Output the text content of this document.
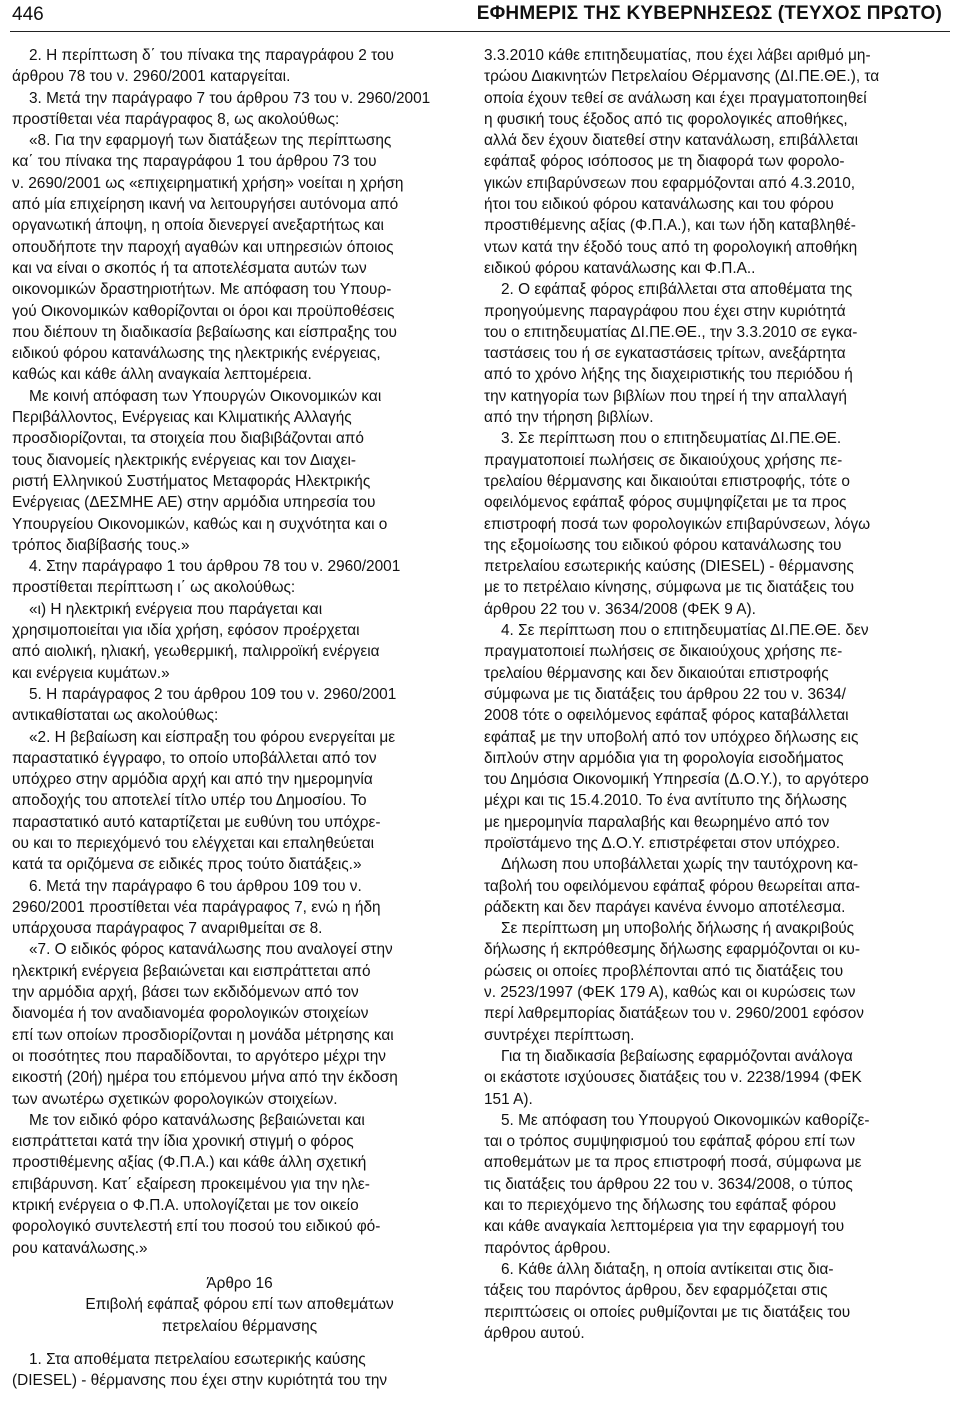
446	ΕΦΗΜΕΡΙΣ ΤΗΣ ΚΥΒΕΡΝΗΣΕΩΣ (ΤΕΥΧΟΣ ΠΡΩΤΟ)

2. Η περίπτωση δ΄ του πίνακα της παραγράφου 2 του
άρθρου 78 του ν. 2960/2001 καταργείται.

3. Μετά την παράγραφο 7 του άρθρου 73 του ν. 2960/2001
προστίθεται νέα παράγραφος 8, ως ακολούθως:

«8. Για την εφαρμογή των διατάξεων της περίπτωσης
κα΄ του πίνακα της παραγράφου 1 του άρθρου 73 του
ν. 2690/2001 ως «επιχειρηματική χρήση» νοείται η χρήση
από μία επιχείρηση ικανή να λειτουργήσει αυτόνομα από
οργανωτική άποψη, η οποία διενεργεί ανεξαρτήτως και
οπουδήποτε την παροχή αγαθών και υπηρεσιών όποιος
και να είναι ο σκοπός ή τα αποτελέσματα αυτών των
οικονομικών δραστηριοτήτων. Με απόφαση του Υπουρ-
γού Οικονομικών καθορίζονται οι όροι και προϋποθέσεις
που διέπουν τη διαδικασία βεβαίωσης και είσπραξης του
ειδικού φόρου κατανάλωσης της ηλεκτρικής ενέργειας,
καθώς και κάθε άλλη αναγκαία λεπτομέρεια.

Με κοινή απόφαση των Υπουργών Οικονομικών και
Περιβάλλοντος, Ενέργειας και Κλιματικής Αλλαγής
προσδιορίζονται, τα στοιχεία που διαβιβάζονται από
τους διανομείς ηλεκτρικής ενέργειας και τον Διαχει-
ριστή Ελληνικού Συστήματος Μεταφοράς Ηλεκτρικής
Ενέργειας (ΔΕΣΜΗΕ ΑΕ) στην αρμόδια υπηρεσία του
Υπουργείου Οικονομικών, καθώς και η συχνότητα και ο
τρόπος διαβίβασής τους.»

4. Στην παράγραφο 1 του άρθρου 78 του ν. 2960/2001
προστίθεται περίπτωση ι΄ ως ακολούθως:

«ι) Η ηλεκτρική ενέργεια που παράγεται και
χρησιμοποιείται για ιδία χρήση, εφόσον προέρχεται
από αιολική, ηλιακή, γεωθερμική, παλιρροϊκή ενέργεια
και ενέργεια κυμάτων.»

5. Η παράγραφος 2 του άρθρου 109 του ν. 2960/2001
αντικαθίσταται ως ακολούθως:

«2. Η βεβαίωση και είσπραξη του φόρου ενεργείται με
παραστατικό έγγραφο, το οποίο υποβάλλεται από τον
υπόχρεο στην αρμόδια αρχή και από την ημερομηνία
αποδοχής του αποτελεί τίτλο υπέρ του Δημοσίου. Το
παραστατικό αυτό καταρτίζεται με ευθύνη του υπόχρε-
ου και το περιεχόμενό του ελέγχεται και επαληθεύεται
κατά τα οριζόμενα σε ειδικές προς τούτο διατάξεις.»

6. Μετά την παράγραφο 6 του άρθρου 109 του ν.
2960/2001 προστίθεται νέα παράγραφος 7, ενώ η ήδη
υπάρχουσα παράγραφος 7 αναριθμείται σε 8.

«7. Ο ειδικός φόρος κατανάλωσης που αναλογεί στην
ηλεκτρική ενέργεια βεβαιώνεται και εισπράττεται από
την αρμόδια αρχή, βάσει των εκδιδόμενων από τον
διανομέα ή τον αναδιανομέα φορολογικών στοιχείων
επί των οποίων προσδιορίζονται η μονάδα μέτρησης και
οι ποσότητες που παραδίδονται, το αργότερο μέχρι την
εικοστή (20ή) ημέρα του επόμενου μήνα από την έκδοση
των ανωτέρω σχετικών φορολογικών στοιχείων.

Με τον ειδικό φόρο κατανάλωσης βεβαιώνεται και
εισπράττεται κατά την ίδια χρονική στιγμή ο φόρος
προστιθέμενης αξίας (Φ.Π.Α.) και κάθε άλλη σχετική
επιβάρυνση. Κατ΄ εξαίρεση προκειμένου για την ηλε-
κτρική ενέργεια ο Φ.Π.Α. υπολογίζεται με τον οικείο
φορολογικό συντελεστή επί του ποσού του ειδικού φό-
ρου κατανάλωσης.»

Άρθρο 16

Επιβολή εφάπαξ φόρου επί των αποθεμάτων
πετρελαίου θέρμανσης

1. Στα αποθέματα πετρελαίου εσωτερικής καύσης
(DIESEL) - θέρμανσης που έχει στην κυριότητά του την

3.3.2010 κάθε επιτηδευματίας, που έχει λάβει αριθμό μη-
τρώου Διακινητών Πετρελαίου Θέρμανσης (ΔΙ.ΠΕ.ΘΕ.), τα
οποία έχουν τεθεί σε ανάλωση και έχει πραγματοποιηθεί
η φυσική τους έξοδος από τις φορολογικές αποθήκες,
αλλά δεν έχουν διατεθεί στην κατανάλωση, επιβάλλεται
εφάπαξ φόρος ισόποσος με τη διαφορά των φορολο-
γικών επιβαρύνσεων που εφαρμόζονται από 4.3.2010,
ήτοι του ειδικού φόρου κατανάλωσης και του φόρου
προστιθέμενης αξίας (Φ.Π.Α.), και των ήδη καταβληθέ-
ντων κατά την έξοδό τους από τη φορολογική αποθήκη
ειδικού φόρου κατανάλωσης και Φ.Π.Α..

2. Ο εφάπαξ φόρος επιβάλλεται στα αποθέματα της
προηγούμενης παραγράφου που έχει στην κυριότητά
του ο επιτηδευματίας ΔΙ.ΠΕ.ΘΕ., την 3.3.2010 σε εγκα-
ταστάσεις του ή σε εγκαταστάσεις τρίτων, ανεξάρτητα
από το χρόνο λήξης της διαχειριστικής του περιόδου ή
την κατηγορία των βιβλίων που τηρεί ή την απαλλαγή
από την τήρηση βιβλίων.

3. Σε περίπτωση που ο επιτηδευματίας ΔΙ.ΠΕ.ΘΕ.
πραγματοποιεί πωλήσεις σε δικαιούχους χρήσης πε-
τρελαίου θέρμανσης και δικαιούται επιστροφής, τότε ο
οφειλόμενος εφάπαξ φόρος συμψηφίζεται με τα προς
επιστροφή ποσά των φορολογικών επιβαρύνσεων, λόγω
της εξομοίωσης του ειδικού φόρου κατανάλωσης του
πετρελαίου εσωτερικής καύσης (DIESEL) - θέρμανσης
με το πετρέλαιο κίνησης, σύμφωνα με τις διατάξεις του
άρθρου 22 του ν. 3634/2008 (ΦΕΚ 9 Α).

4. Σε περίπτωση που ο επιτηδευματίας ΔΙ.ΠΕ.ΘΕ. δεν
πραγματοποιεί πωλήσεις σε δικαιούχους χρήσης πε-
τρελαίου θέρμανσης και δεν δικαιούται επιστροφής
σύμφωνα με τις διατάξεις του άρθρου 22 του ν. 3634/
2008 τότε ο οφειλόμενος εφάπαξ φόρος καταβάλλεται
εφάπαξ με την υποβολή από τον υπόχρεο δήλωσης εις
διπλούν στην αρμόδια για τη φορολογία εισοδήματος
του Δημόσια Οικονομική Υπηρεσία (Δ.Ο.Υ.), το αργότερο
μέχρι και τις 15.4.2010. Το ένα αντίτυπο της δήλωσης
με ημερομηνία παραλαβής και θεωρημένο από τον
προϊστάμενο της Δ.Ο.Υ. επιστρέφεται στον υπόχρεο.

Δήλωση που υποβάλλεται χωρίς την ταυτόχρονη κα-
ταβολή του οφειλόμενου εφάπαξ φόρου θεωρείται απα-
ράδεκτη και δεν παράγει κανένα έννομο αποτέλεσμα.

Σε περίπτωση μη υποβολής δήλωσης ή ανακριβούς
δήλωσης ή εκπρόθεσμης δήλωσης εφαρμόζονται οι κυ-
ρώσεις οι οποίες προβλέπονται από τις διατάξεις του
ν. 2523/1997 (ΦΕΚ 179 Α), καθώς και οι κυρώσεις των
περί λαθρεμπορίας διατάξεων του ν. 2960/2001 εφόσον
συντρέχει περίπτωση.

Για τη διαδικασία βεβαίωσης εφαρμόζονται ανάλογα
οι εκάστοτε ισχύουσες διατάξεις του ν. 2238/1994 (ΦΕΚ
151 Α).

5. Με απόφαση του Υπουργού Οικονομικών καθορίζε-
ται ο τρόπος συμψηφισμού του εφάπαξ φόρου επί των
αποθεμάτων με τα προς επιστροφή ποσά, σύμφωνα με
τις διατάξεις του άρθρου 22 του ν. 3634/2008, ο τύπος
και το περιεχόμενο της δήλωσης του εφάπαξ φόρου
και κάθε αναγκαία λεπτομέρεια για την εφαρμογή του
παρόντος άρθρου.

6. Κάθε άλλη διάταξη, η οποία αντίκειται στις δια-
τάξεις του παρόντος άρθρου, δεν εφαρμόζεται στις
περιπτώσεις οι οποίες ρυθμίζονται με τις διατάξεις του
άρθρου αυτού.
